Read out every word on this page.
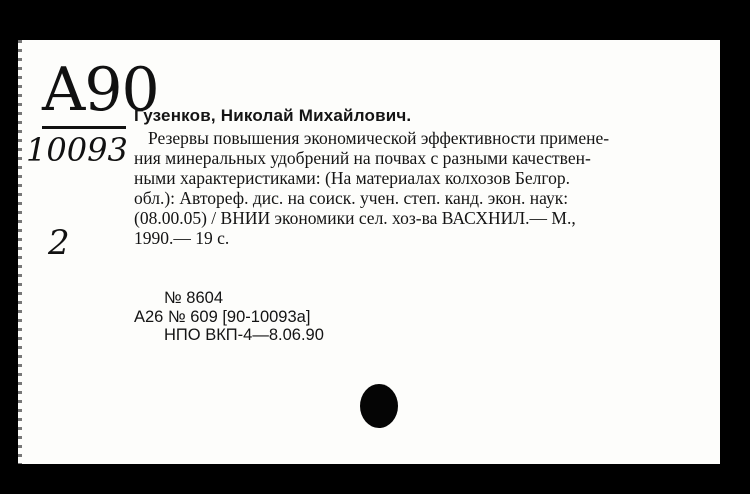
A90
10093
2

Гузенков, Николай Михайлович.

Резервы повышения экономической эффективности примене-

ния минеральных удобрений на почвах с разными качествен-

ными характеристиками: (На материалах колхозов Белгор.

обл.): Автореф. дис. на соиск. учен. степ. канд. экон. наук:

(08.00.05) / ВНИИ экономики сел. хоз-ва ВАСХНИЛ.— М.,

1990.— 19 с.

№ 8604
A26 № 609 [90-10093a]
НПО ВКП-4—8.06.90
